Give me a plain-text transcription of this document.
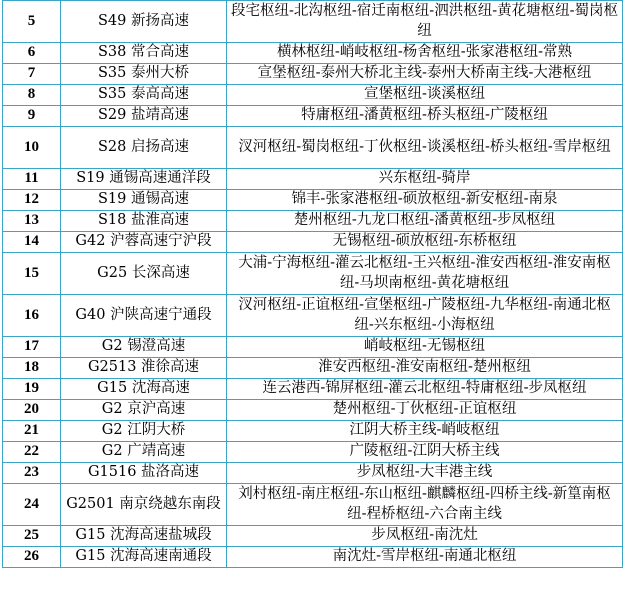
5	S49 新扬高速	段宅枢纽-北沟枢纽-宿迁南枢纽-泗洪枢纽-黄花塘枢纽-蜀岗枢纽
6	S38 常合高速	横林枢纽-峭岐枢纽-杨舍枢纽-张家港枢纽-常熟
7	S35 泰州大桥	宣堡枢纽-泰州大桥北主线-泰州大桥南主线-大港枢纽
8	S35 泰高高速	宣堡枢纽-谈溪枢纽
9	S29 盐靖高速	特庸枢纽-潘黄枢纽-桥头枢纽-广陵枢纽
10	S28 启扬高速	汊河枢纽-蜀岗枢纽-丁伙枢纽-谈溪枢纽-桥头枢纽-雪岸枢纽
11	S19 通锡高速通洋段	兴东枢纽-骑岸
12	S19 通锡高速	锦丰-张家港枢纽-硕放枢纽-新安枢纽-南泉
13	S18 盐淮高速	楚州枢纽-九龙口枢纽-潘黄枢纽-步凤枢纽
14	G42 沪蓉高速宁沪段	无锡枢纽-硕放枢纽-东桥枢纽
15	G25 长深高速	大浦-宁海枢纽-灌云北枢纽-王兴枢纽-淮安西枢纽-淮安南枢纽-马坝南枢纽-黄花塘枢纽
16	G40 沪陕高速宁通段	汊河枢纽-正谊枢纽-宣堡枢纽-广陵枢纽-九华枢纽-南通北枢纽-兴东枢纽-小海枢纽
17	G2 锡澄高速	峭岐枢纽-无锡枢纽
18	G2513 淮徐高速	淮安西枢纽-淮安南枢纽-楚州枢纽
19	G15 沈海高速	连云港西-锦屏枢纽-灌云北枢纽-特庸枢纽-步凤枢纽
20	G2 京沪高速	楚州枢纽-丁伙枢纽-正谊枢纽
21	G2 江阴大桥	江阴大桥主线-峭岐枢纽
22	G2 广靖高速	广陵枢纽-江阴大桥主线
23	G1516 盐洛高速	步凤枢纽-大丰港主线
24	G2501 南京绕越东南段	刘村枢纽-南庄枢纽-东山枢纽-麒麟枢纽-四桥主线-新篁南枢纽-程桥枢纽-六合南主线
25	G15 沈海高速盐城段	步凤枢纽-南沈灶
26	G15 沈海高速南通段	南沈灶-雪岸枢纽-南通北枢纽
